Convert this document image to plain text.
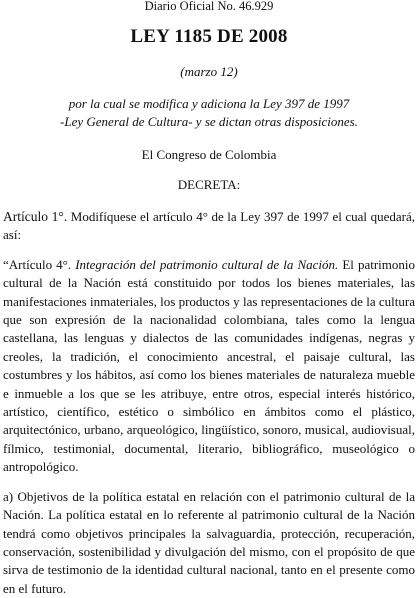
Diario Oficial No. 46.929
LEY 1185 DE 2008
(marzo 12)
por la cual se modifica y adiciona la Ley 397 de 1997
-Ley General de Cultura- y se dictan otras disposiciones.
El Congreso de Colombia
DECRETA:
Artículo 1°. Modifíquese el artículo 4° de la Ley 397 de 1997 el cual quedará, así:
“Artículo 4°. Integración del patrimonio cultural de la Nación. El patrimonio cultural de la Nación está constituido por todos los bienes materiales, las manifestaciones inmateriales, los productos y las representaciones de la cultura que son expresión de la nacionalidad colombiana, tales como la lengua castellana, las lenguas y dialectos de las comunidades indígenas, negras y creoles, la tradición, el conocimiento ancestral, el paisaje cultural, las costumbres y los hábitos, así como los bienes materiales de naturaleza mueble e inmueble a los que se les atribuye, entre otros, especial interés histórico, artístico, científico, estético o simbólico en ámbitos como el plástico, arquitectónico, urbano, arqueológico, lingüístico, sonoro, musical, audiovisual, fílmico, testimonial, documental, literario, bibliográfico, museológico o antropológico.
a) Objetivos de la política estatal en relación con el patrimonio cultural de la Nación. La política estatal en lo referente al patrimonio cultural de la Nación tendrá como objetivos principales la salvaguardia, protección, recuperación, conservación, sostenibilidad y divulgación del mismo, con el propósito de que sirva de testimonio de la identidad cultural nacional, tanto en el presente como en el futuro.
